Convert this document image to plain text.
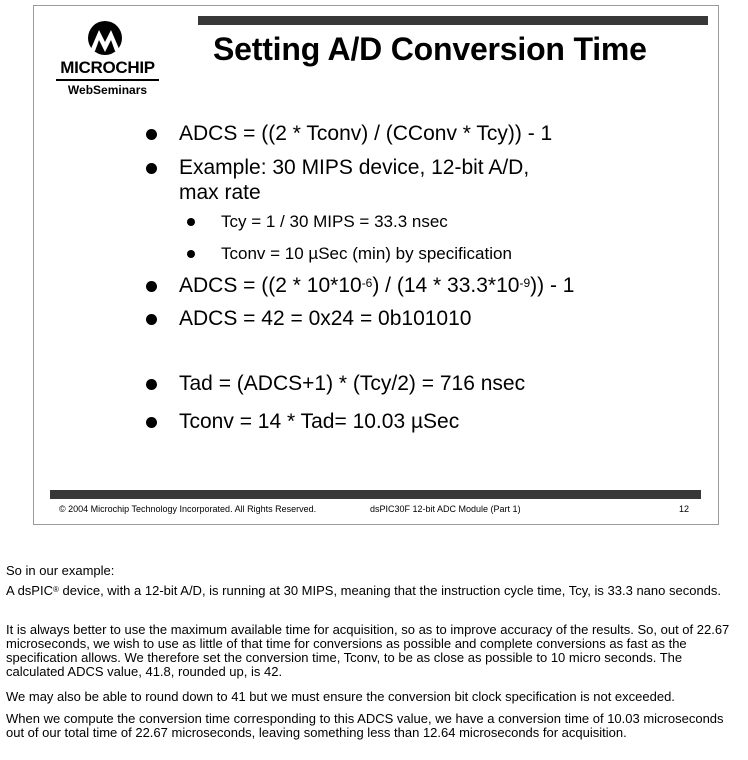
MICROCHIP
WebSeminars
Setting A/D Conversion Time
ADCS = ((2 * Tconv) / (CConv * Tcy)) - 1
Example: 30 MIPS device, 12-bit A/D,
max rate
Tcy = 1 / 30 MIPS = 33.3 nsec
Tconv = 10 µSec (min) by specification
ADCS = $((2 * 10*10^{-6}) / (14 * 33.3*10^{-9})) - 1$
ADCS = 42 = 0x24 = 0b101010
Tad = (ADCS+1) * (Tcy/2) = 716 nsec
Tconv = 14 * Tad= 10.03 µSec
© 2004 Microchip Technology Incorporated. All Rights Reserved.	dsPIC30F 12-bit ADC Module (Part 1)	12
So in our example:
A dsPIC® device, with a 12-bit A/D, is running at 30 MIPS, meaning that the instruction cycle time, Tcy, is 33.3 nano seconds.
It is always better to use the maximum available time for acquisition, so as to improve accuracy of the results. So, out of 22.67 microseconds, we wish to use as little of that time for conversions as possible and complete conversions as fast as the specification allows. We therefore set the conversion time, Tconv, to be as close as possible to 10 micro seconds. The calculated ADCS value, 41.8, rounded up, is 42.
We may also be able to round down to 41 but we must ensure the conversion bit clock specification is not exceeded.
When we compute the conversion time corresponding to this ADCS value, we have a conversion time of 10.03 microseconds out of our total time of 22.67 microseconds, leaving something less than 12.64 microseconds for acquisition.
